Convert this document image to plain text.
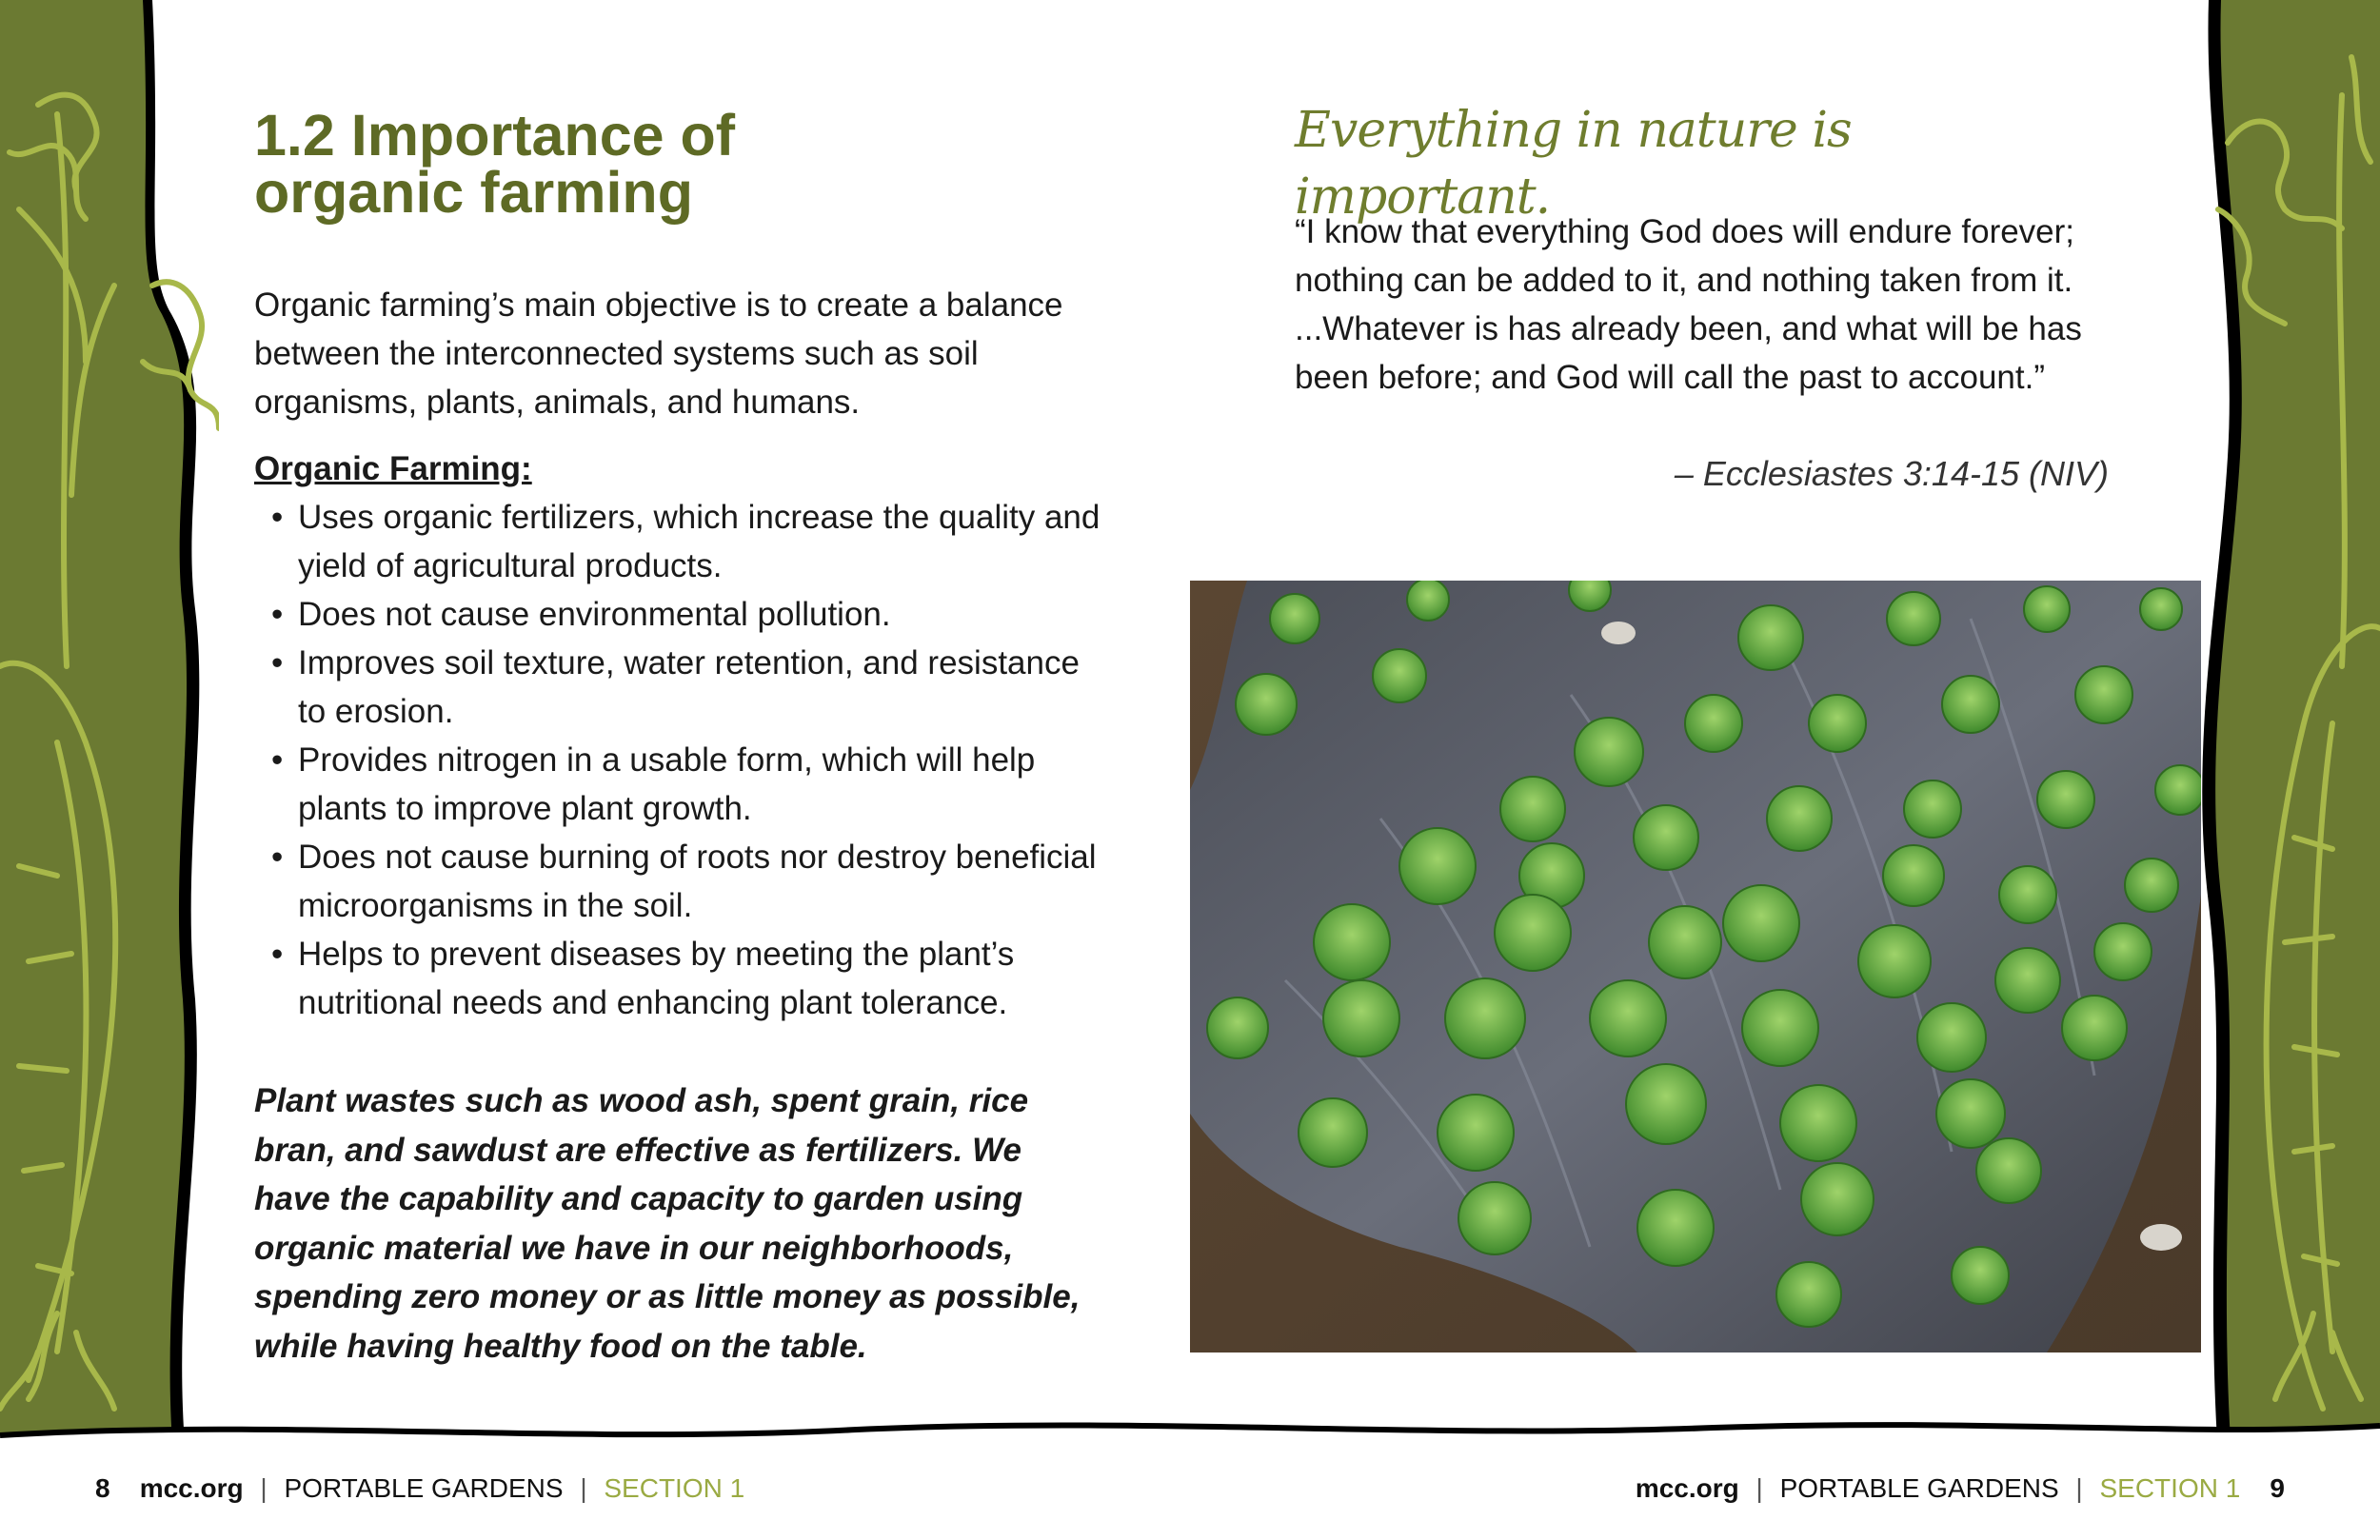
1.2 Importance of
organic farming

Organic farming’s main objective is to create a balance between the interconnected systems such as soil organisms, plants, animals, and humans.

Organic Farming:

• Uses organic fertilizers, which increase the quality and yield of agricultural products.
• Does not cause environmental pollution.
• Improves soil texture, water retention, and resistance to erosion.
• Provides nitrogen in a usable form, which will help plants to improve plant growth.
• Does not cause burning of roots nor destroy beneficial microorganisms in the soil.
• Helps to prevent diseases by meeting the plant’s nutritional needs and enhancing plant tolerance.

Plant wastes such as wood ash, spent grain, rice bran, and sawdust are effective as fertilizers. We have the capability and capacity to garden using organic material we have in our neighborhoods, spending zero money or as little money as possible, while having healthy food on the table.

Everything in nature is important.

“I know that everything God does will endure forever; nothing can be added to it, and nothing taken from it. ...Whatever is has already been, and what will be has been before; and God will call the past to account.”

– Ecclesiastes 3:14-15 (NIV)

8 mcc.org | PORTABLE GARDENS | SECTION 1	mcc.org | PORTABLE GARDENS | SECTION 1 9
